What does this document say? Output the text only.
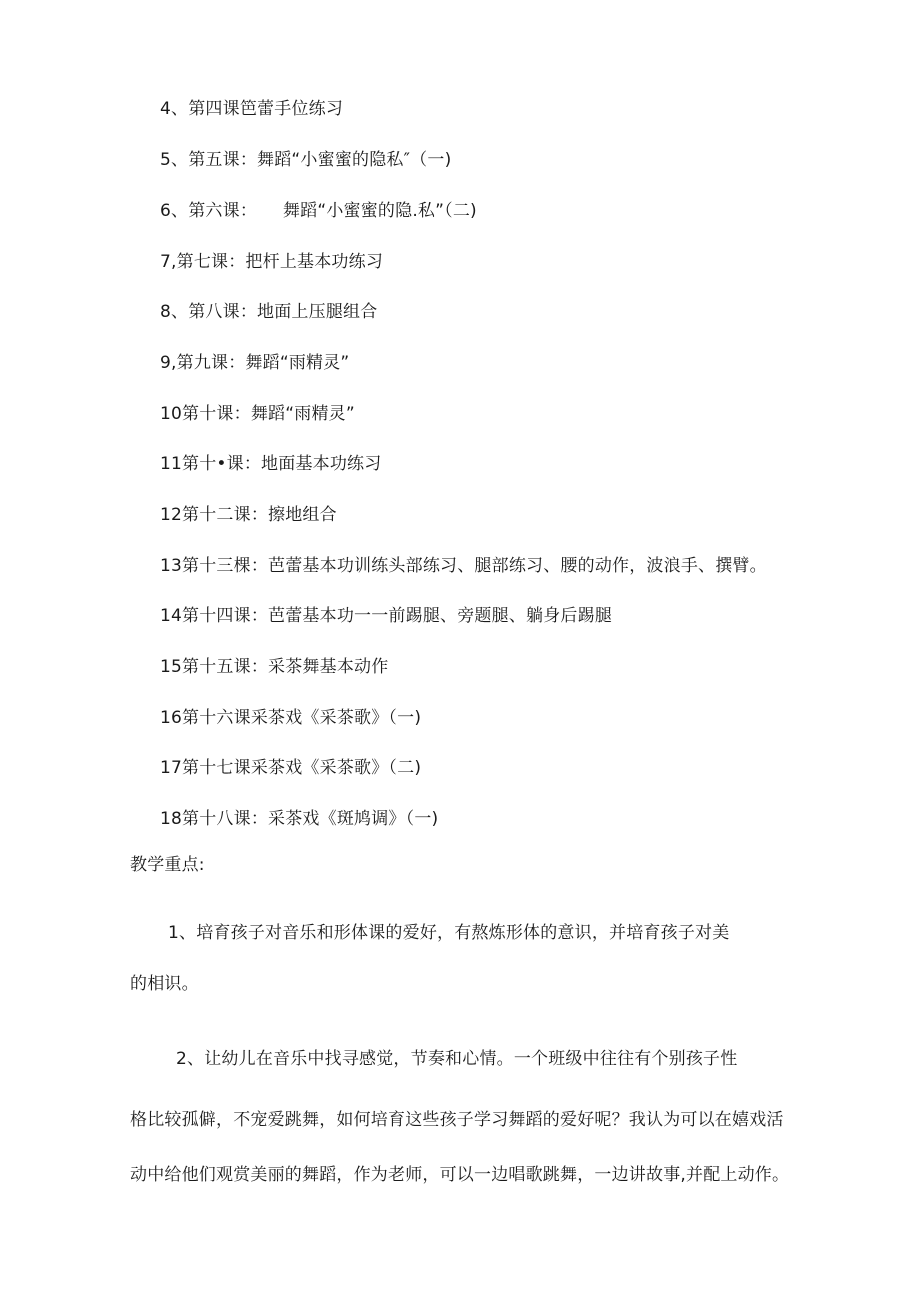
4、第四课笆蕾手位练习
5、第五课：舞蹈“小蜜蜜的隐私″（一)
6、第六课：　　舞蹈“小蜜蜜的隐.私”（二)
7,第七课：把杆上基本功练习
8、第八课：地面上压腿组合
9,第九课：舞蹈“雨精灵”
10第十课：舞蹈“雨精灵”
11第十•课：地面基本功练习
12第十二课：擦地组合
13第十三棵：芭蕾基本功训练头部练习、腿部练习、腰的动作，波浪手、撰臂。
14第十四课：芭蕾基本功一一前踢腿、旁题腿、躺身后踢腿
15第十五课：采茶舞基本动作
16第十六课采茶戏《采茶歌》（一)
17第十七课采茶戏《采茶歌》（二)
18第十八课：采茶戏《斑鸠调》（一)
教学重点:
1、培育孩子对音乐和形体课的爱好，有熬炼形体的意识，并培育孩子对美
的相识。
2、让幼儿在音乐中找寻感觉，节奏和心情。一个班级中往往有个别孩子性
格比较孤僻，不宠爱跳舞，如何培育这些孩子学习舞蹈的爱好呢？我认为可以在嬉戏活
动中给他们观赏美丽的舞蹈，作为老师，可以一边唱歌跳舞，一边讲故事,并配上动作。
